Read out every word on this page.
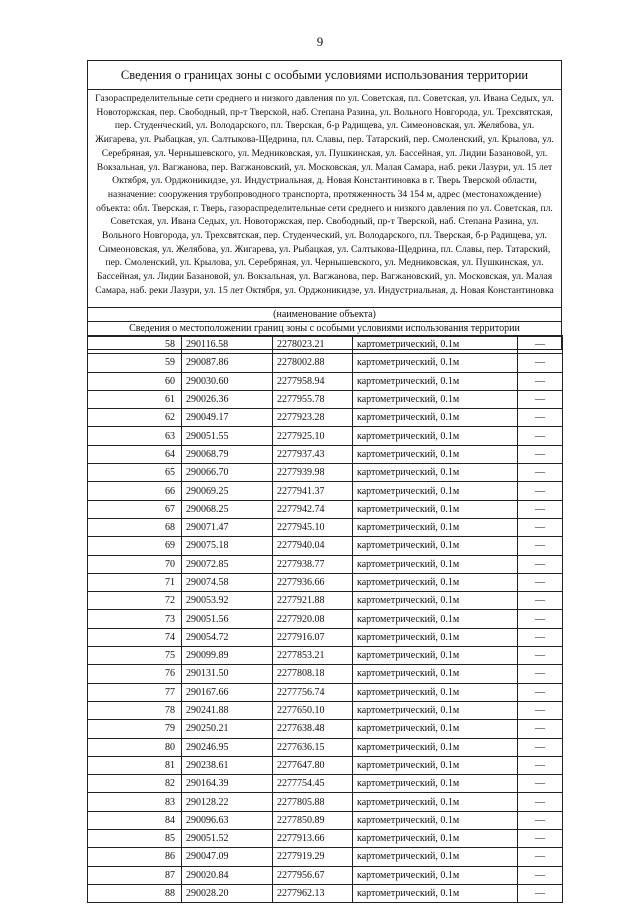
9
Сведения о границах зоны с особыми условиями использования территории
Газораспределительные сети среднего и низкого давления по ул. Советская, пл. Советская, ул. Ивана Седых, ул. Новоторжская, пер. Свободный, пр-т Тверской, наб. Степана Разина, ул. Вольного Новгорода, ул. Трехсвятская, пер. Студенческий, ул. Володарского, пл. Тверская, б-р Радищева, ул. Симеоновская, ул. Желябова, ул. Жигарева, ул. Рыбацкая, ул. Салтыкова-Щедрина, пл. Славы, пер. Татарский, пер. Смоленский, ул. Крылова, ул. Серебряная, ул. Чернышевского, ул. Медниковская, ул. Пушкинская, ул. Бассейная, ул. Лидии Базановой, ул. Вокзальная, ул. Вагжанова, пер. Вагжановский, ул. Московская, ул. Малая Самара, наб. реки Лазури, ул. 15 лет Октября, ул. Орджоникидзе, ул. Индустриальная, д. Новая Константиновка в г. Тверь Тверской области, назначение: сооружения трубопроводного транспорта, протяженность 34 154 м, адрес (местонахождение) объекта: обл. Тверская, г. Тверь, газораспределительные сети среднего и низкого давления по ул. Советская, пл. Советская, ул. Ивана Седых, ул. Новоторжская, пер. Свободный, пр-т Тверской, наб. Степана Разина, ул. Вольного Новгорода, ул. Трехсвятская, пер. Студенческий, ул. Володарского, пл. Тверская, б-р Радищева, ул. Симеоновская, ул. Желябова, ул. Жигарева, ул. Рыбацкая, ул. Салтыкова-Щедрина, пл. Славы, пер. Татарский, пер. Смоленский, ул. Крылова, ул. Серебряная, ул. Чернышевского, ул. Медниковская, ул. Пушкинская, ул. Бассейная, ул. Лидии Базановой, ул. Вокзальная, ул. Вагжанова, пер. Вагжановский, ул. Московская, ул. Малая Самара, наб. реки Лазури, ул. 15 лет Октября, ул. Орджоникидзе, ул. Индустриальная, д. Новая Константиновка
(наименование объекта)
Сведения о местоположении границ зоны с особыми условиями использования территории

58	290116.58	2278023.21	картометрический, 0.1м	—
59	290087.86	2278002.88	картометрический, 0.1м	—
60	290030.60	2277958.94	картометрический, 0.1м	—
61	290026.36	2277955.78	картометрический, 0.1м	—
62	290049.17	2277923.28	картометрический, 0.1м	—
63	290051.55	2277925.10	картометрический, 0.1м	—
64	290068.79	2277937.43	картометрический, 0.1м	—
65	290066.70	2277939.98	картометрический, 0.1м	—
66	290069.25	2277941.37	картометрический, 0.1м	—
67	290068.25	2277942.74	картометрический, 0.1м	—
68	290071.47	2277945.10	картометрический, 0.1м	—
69	290075.18	2277940.04	картометрический, 0.1м	—
70	290072.85	2277938.77	картометрический, 0.1м	—
71	290074.58	2277936.66	картометрический, 0.1м	—
72	290053.92	2277921.88	картометрический, 0.1м	—
73	290051.56	2277920.08	картометрический, 0.1м	—
74	290054.72	2277916.07	картометрический, 0.1м	—
75	290099.89	2277853.21	картометрический, 0.1м	—
76	290131.50	2277808.18	картометрический, 0.1м	—
77	290167.66	2277756.74	картометрический, 0.1м	—
78	290241.88	2277650.10	картометрический, 0.1м	—
79	290250.21	2277638.48	картометрический, 0.1м	—
80	290246.95	2277636.15	картометрический, 0.1м	—
81	290238.61	2277647.80	картометрический, 0.1м	—
82	290164.39	2277754.45	картометрический, 0.1м	—
83	290128.22	2277805.88	картометрический, 0.1м	—
84	290096.63	2277850.89	картометрический, 0.1м	—
85	290051.52	2277913.66	картометрический, 0.1м	—
86	290047.09	2277919.29	картометрический, 0.1м	—
87	290020.84	2277956.67	картометрический, 0.1м	—
88	290028.20	2277962.13	картометрический, 0.1м	—
